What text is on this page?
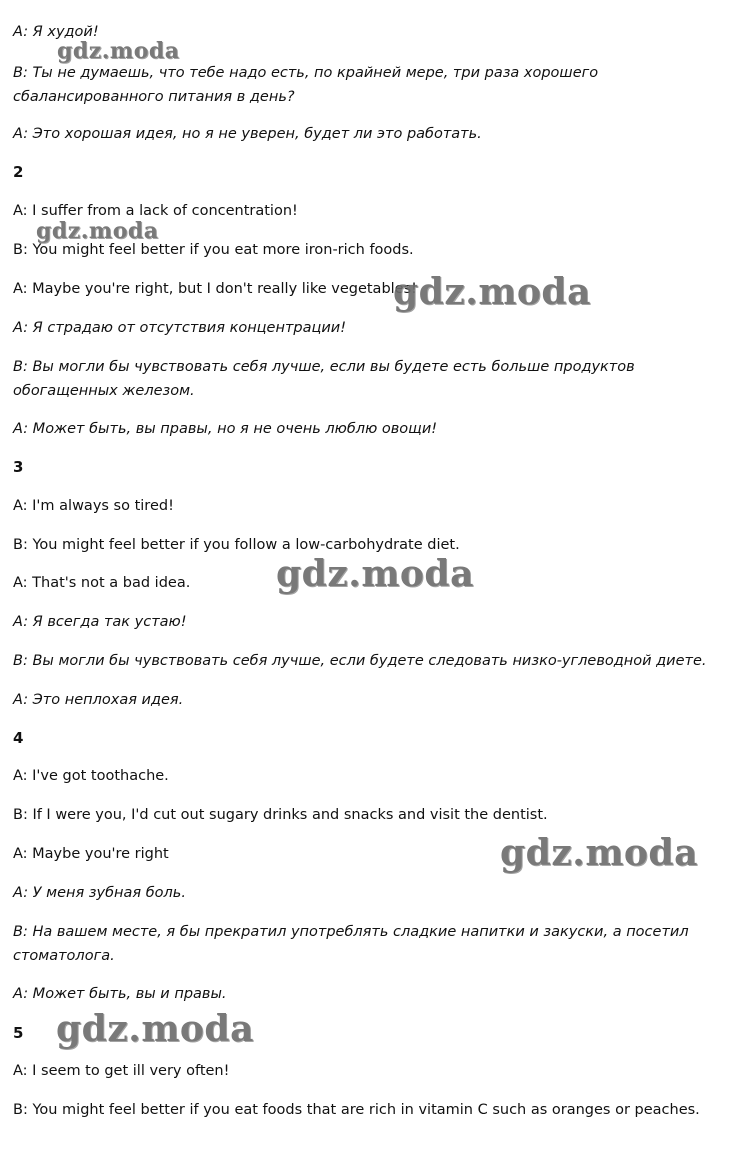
A: Я худой!
B: Ты не думаешь, что тебе надо есть, по крайней мере, три раза хорошего сбалансированного питания в день?
A: Это хорошая идея, но я не уверен, будет ли это работать.
2
A: I suffer from a lack of concentration!
B: You might feel better if you eat more iron-rich foods.
A: Maybe you're right, but I don't really like vegetables!
A: Я страдаю от отсутствия концентрации!
B: Вы могли бы чувствовать себя лучше, если вы будете есть больше продуктов обогащенных железом.
A: Может быть, вы правы, но я не очень люблю овощи!
3
A: I'm always so tired!
B: You might feel better if you follow a low-carbohydrate diet.
A: That's not a bad idea.
A: Я всегда так устаю!
B: Вы могли бы чувствовать себя лучше, если будете следовать низко-углеводной диете.
A: Это неплохая идея.
4
A: I've got toothache.
B: If I were you, I'd cut out sugary drinks and snacks and visit the dentist.
A: Maybe you're right
A: У меня зубная боль.
B: На вашем месте, я бы прекратил употреблять сладкие напитки и закуски, а посетил стоматолога.
A: Может быть, вы и правы.
5
A: I seem to get ill very often!
B: You might feel better if you eat foods that are rich in vitamin C such as oranges or peaches.
gdz.moda
gdz.moda
gdz.moda
gdz.moda
gdz.moda
gdz.moda
